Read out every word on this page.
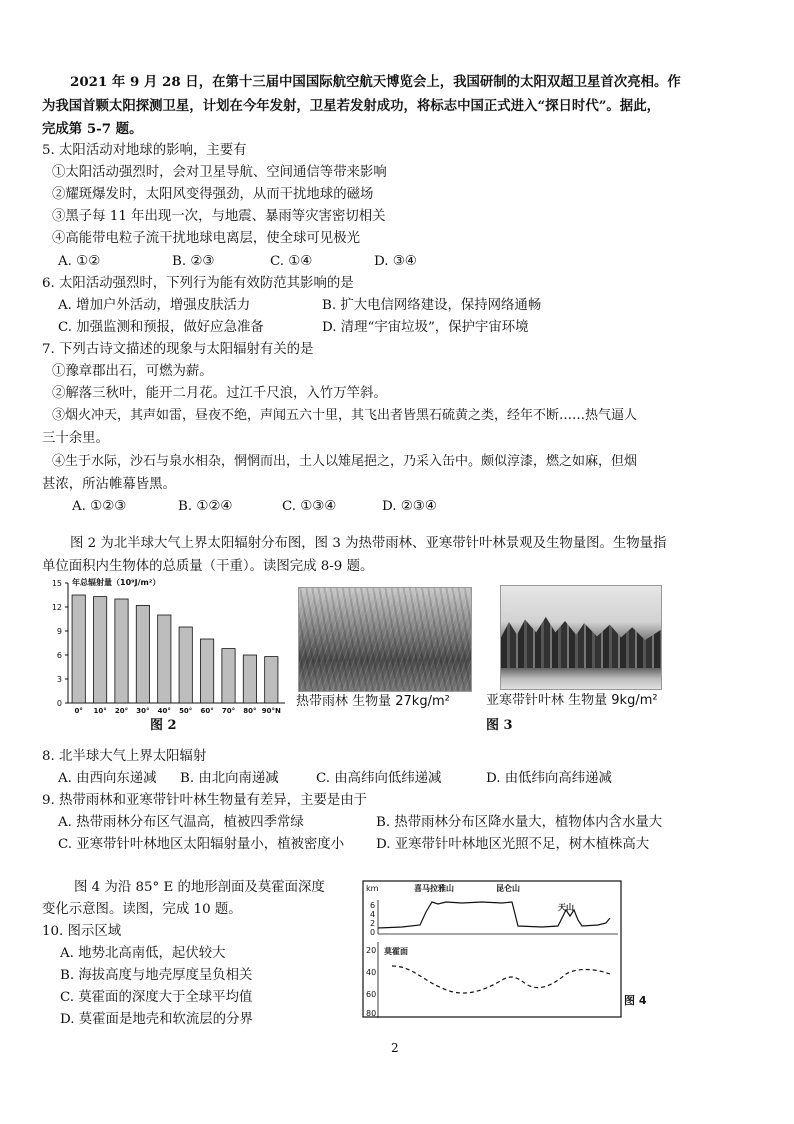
2021 年 9 月 28 日，在第十三届中国国际航空航天博览会上，我国研制的太阳双超卫星首次亮相。作
为我国首颗太阳探测卫星，计划在今年发射，卫星若发射成功，将标志中国正式进入“探日时代”。据此，
完成第 5-7 题。
5. 太阳活动对地球的影响，主要有
①太阳活动强烈时，会对卫星导航、空间通信等带来影响
②耀斑爆发时，太阳风变得强劲，从而干扰地球的磁场
③黑子每 11 年出现一次，与地震、暴雨等灾害密切相关
④高能带电粒子流干扰地球电离层，使全球可见极光
A. ①②	B. ②③	C. ①④	D. ③④
6. 太阳活动强烈时，下列行为能有效防范其影响的是
A. 增加户外活动，增强皮肤活力	B. 扩大电信网络建设，保持网络通畅
C. 加强监测和预报，做好应急准备	D. 清理“宇宙垃圾”，保护宇宙环境
7. 下列古诗文描述的现象与太阳辐射有关的是
①豫章郡出石，可燃为薪。
②解落三秋叶，能开二月花。过江千尺浪，入竹万竿斜。
③烟火冲天，其声如雷，昼夜不绝，声闻五六十里，其飞出者皆黑石硫黄之类，经年不断……热气逼人
三十余里。
④生于水际，沙石与泉水相杂，惘惘而出，土人以雉尾挹之，乃采入缶中。颇似淳漆，燃之如麻，但烟
甚浓，所沾帷幕皆黑。
A. ①②③	B. ①②④	C. ①③④	D. ②③④
图 2 为北半球大气上界太阳辐射分布图，图 3 为热带雨林、亚寒带针叶林景观及生物量图。生物量指
单位面积内生物体的总质量（干重）。读图完成 8-9 题。
年总辐射量（10⁹J/m²）
0
3
6
9
12
15
0° 10° 20° 30° 40° 50° 60° 70° 80° 90°N
图 2
热带雨林 生物量 27kg/m²	亚寒带针叶林 生物量 9kg/m²
图 3
8. 北半球大气上界太阳辐射
A. 由西向东递减 B. 由北向南递减	C. 由高纬向低纬递减	D. 由低纬向高纬递减
9. 热带雨林和亚寒带针叶林生物量有差异，主要是由于
A. 热带雨林分布区气温高，植被四季常绿	B. 热带雨林分布区降水量大，植物体内含水量大
C. 亚寒带针叶林地区太阳辐射量小，植被密度小 D. 亚寒带针叶林地区光照不足，树木植株高大
图 4 为沿 85° E 的地形剖面及莫霍面深度
变化示意图。读图，完成 10 题。
10. 图示区域
A. 地势北高南低，起伏较大
B. 海拔高度与地壳厚度呈负相关
C. 莫霍面的深度大于全球平均值
D. 莫霍面是地壳和软流层的分界
km	喜马拉雅山	昆仑山
天山
6
4
2
0
莫霍面
20
40
60
80
图 4
2
